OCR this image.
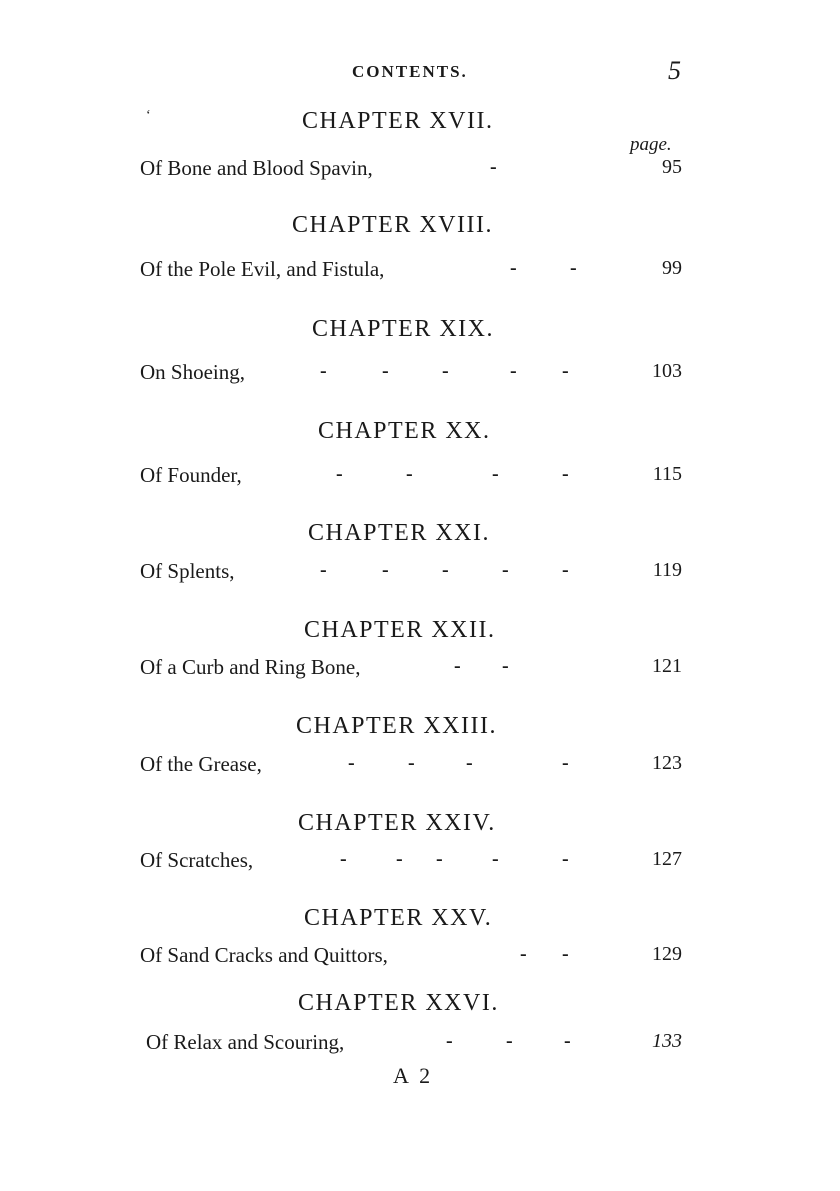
‘
CONTENTS.	5
page.
CHAPTER XVII.
Of Bone and Blood Spavin,	-	95
CHAPTER XVIII.
Of the Pole Evil, and Fistula,	-	-	99
CHAPTER XIX.
On Shoeing,	-	-	-	- -	103
CHAPTER XX.
Of Founder,	-	-	-	-	115
CHAPTER XXI.
Of Splents,	-	-	-	-	-	119
CHAPTER XXII.
Of a Curb and Ring Bone,	- -	121
CHAPTER XXIII.
Of the Grease,	-	-	-	-	123
CHAPTER XXIV.
Of Scratches,	- - - -	-	127
CHAPTER XXV.
Of Sand Cracks and Quittors,	- -	129
CHAPTER XXVI.
Of Relax and Scouring,	-	-	-	133
A 2
